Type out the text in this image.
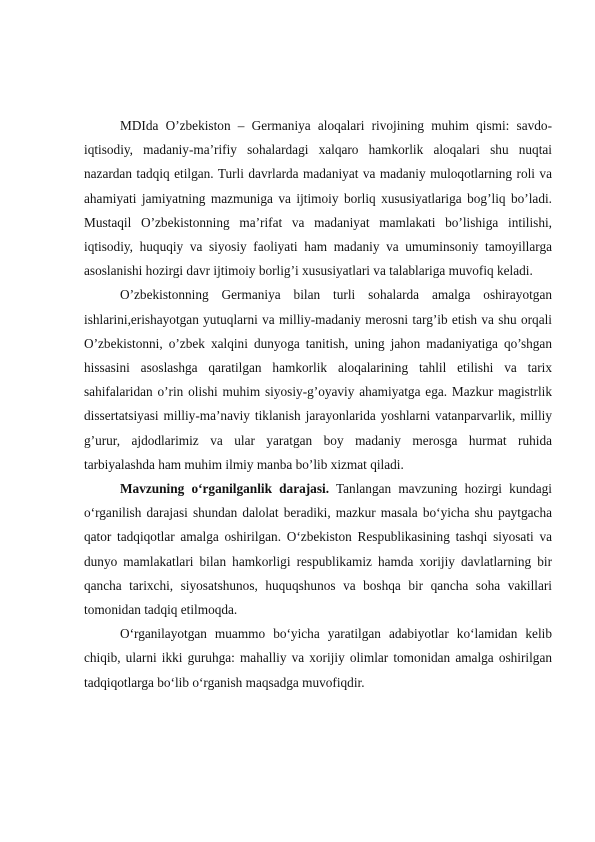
MDIda O’zbekiston – Germaniya aloqalari rivojining muhim qismi: savdo-iqtisodiy, madaniy-ma’rifiy sohalardagi xalqaro hamkorlik aloqalari shu nuqtai nazardan tadqiq etilgan. Turli davrlarda madaniyat va madaniy muloqotlarning roli va ahamiyati jamiyatning mazmuniga va ijtimoiy borliq xususiyatlariga bog’liq bo’ladi. Mustaqil O’zbekistonning ma’rifat va madaniyat mamlakati bo’lishiga intilishi, iqtisodiy, huquqiy va siyosiy faoliyati ham madaniy va umuminsoniy tamoyillarga asoslanishi hozirgi davr ijtimoiy borlig’i xususiyatlari va talablariga muvofiq keladi.

O’zbekistonning Germaniya bilan turli sohalarda amalga oshirayotgan ishlarini,erishayotgan yutuqlarni va milliy-madaniy merosni targ’ib etish va shu orqali O’zbekistonni, o’zbek xalqini dunyoga tanitish, uning jahon madaniyatiga qo’shgan hissasini asoslashga qaratilgan hamkorlik aloqalarining tahlil etilishi va tarix sahifalaridan o’rin olishi muhim siyosiy-g’oyaviy ahamiyatga ega. Mazkur magistrlik dissertatsiyasi milliy-ma’naviy tiklanish jarayonlarida yoshlarni vatanparvarlik, milliy g’urur, ajdodlarimiz va ular yaratgan boy madaniy merosga hurmat ruhida tarbiyalashda ham muhim ilmiy manba bo’lib xizmat qiladi.

Mavzuning o‘rganilganlik darajasi. Tanlangan mavzuning hozirgi kundagi o‘rganilish darajasi shundan dalolat beradiki, mazkur masala bo‘yicha shu paytgacha qator tadqiqotlar amalga oshirilgan. O‘zbekiston Respublikasining tashqi siyosati va dunyo mamlakatlari bilan hamkorligi respublikamiz hamda xorijiy davlatlarning bir qancha tarixchi, siyosatshunos, huquqshunos va boshqa bir qancha soha vakillari tomonidan tadqiq etilmoqda.

O‘rganilayotgan muammo bo‘yicha yaratilgan adabiyotlar ko‘lamidan kelib chiqib, ularni ikki guruhga: mahalliy va xorijiy olimlar tomonidan amalga oshirilgan tadqiqotlarga bo‘lib o‘rganish maqsadga muvofiqdir.
